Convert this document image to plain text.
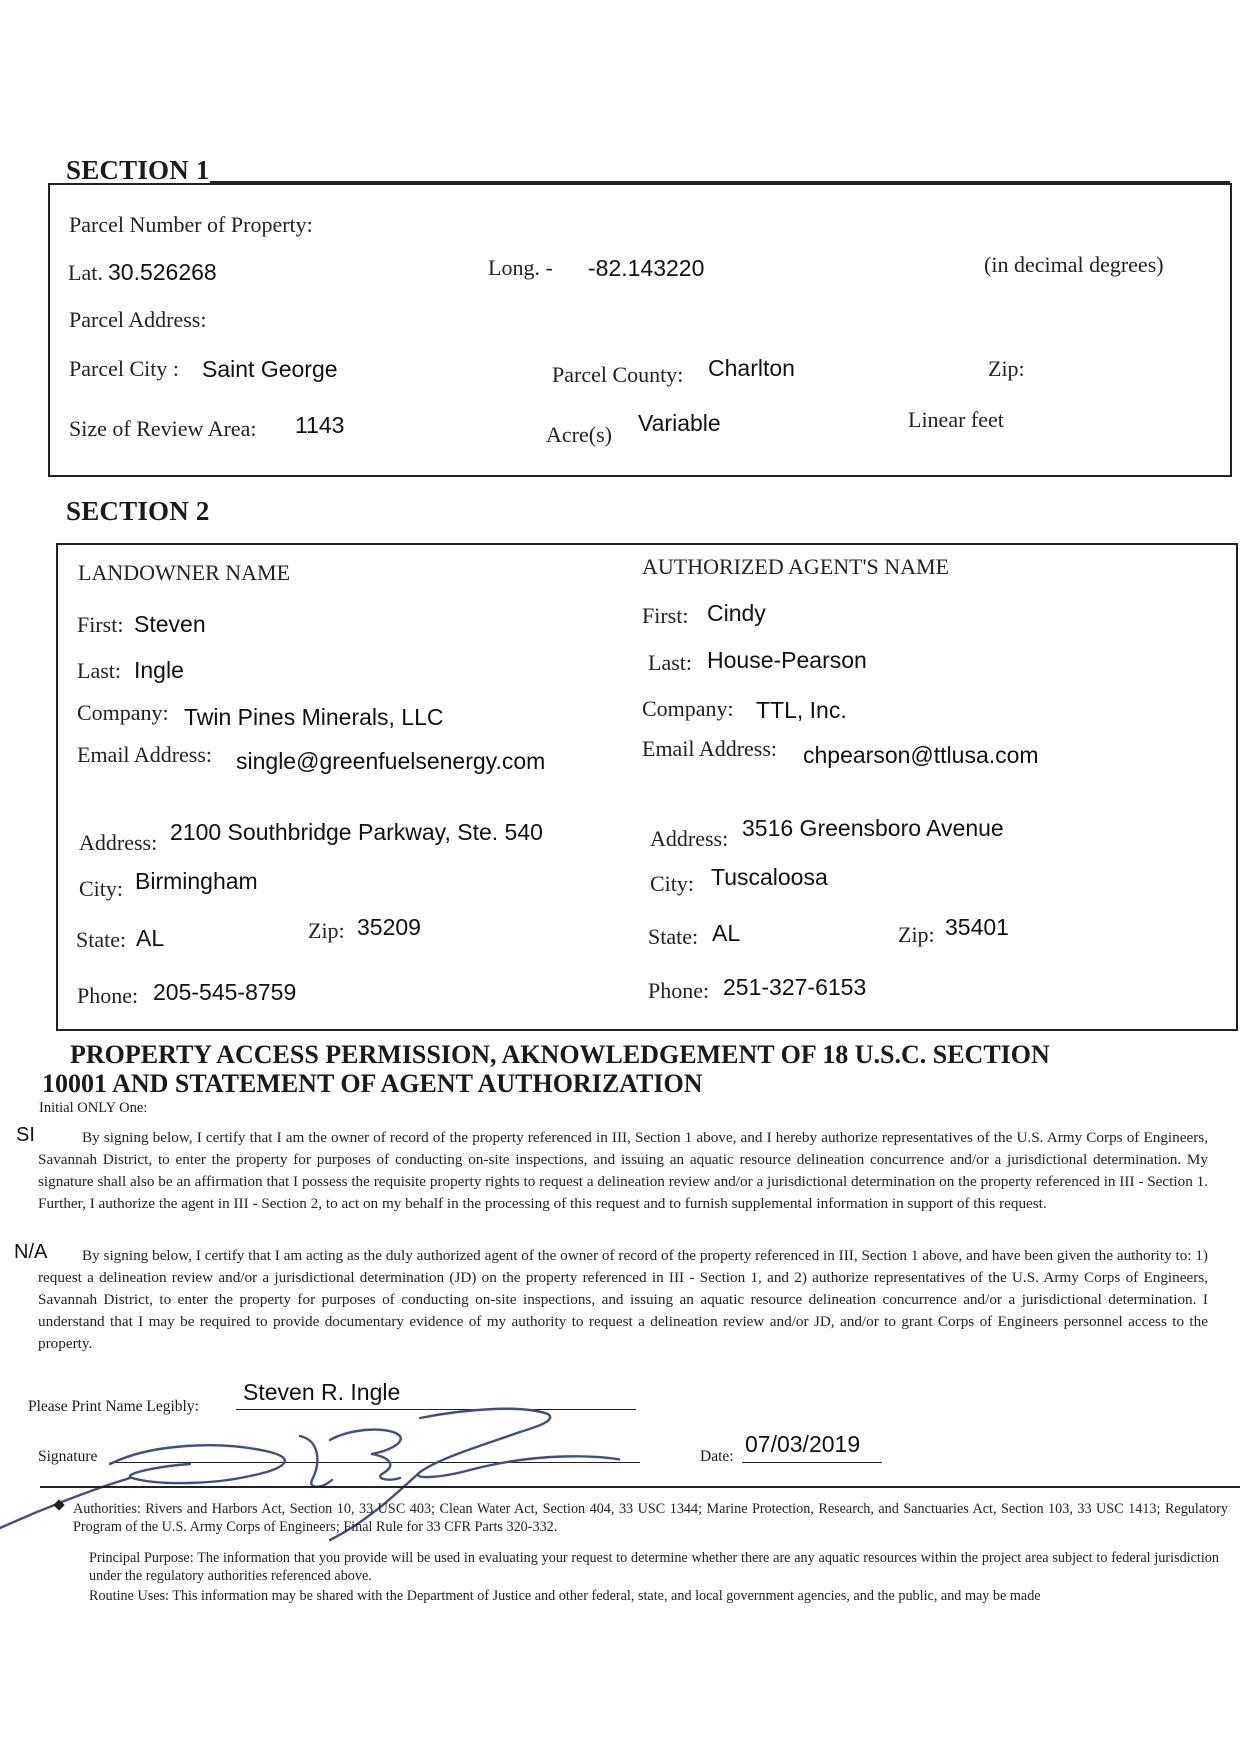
SECTION 1
Parcel Number of Property:
Lat. 30.526268	Long. - -82.143220	(in decimal degrees)
Parcel Address:
Parcel City : Saint George	Parcel County: Charlton	Zip:
Size of Review Area: 1143	Acre(s) Variable	Linear feet
SECTION 2
LANDOWNER NAME
First: Steven
Last: Ingle
Company: Twin Pines Minerals, LLC
Email Address: single@greenfuelsenergy.com
Address: 2100 Southbridge Parkway, Ste. 540
City: Birmingham
State: AL	Zip: 35209
Phone: 205-545-8759
AUTHORIZED AGENT'S NAME
First: Cindy
Last: House-Pearson
Company: TTL, Inc.
Email Address: chpearson@ttlusa.com
Address: 3516 Greensboro Avenue
City: Tuscaloosa
State: AL	Zip: 35401
Phone: 251-327-6153
PROPERTY ACCESS PERMISSION, AKNOWLEDGEMENT OF 18 U.S.C. SECTION
10001 AND STATEMENT OF AGENT AUTHORIZATION
Initial ONLY One:
SI	By signing below, I certify that I am the owner of record of the property referenced in III, Section 1 above, and I hereby authorize representatives of the U.S. Army Corps of Engineers, Savannah District, to enter the property for purposes of conducting on-site inspections, and issuing an aquatic resource delineation concurrence and/or a jurisdictional determination. My signature shall also be an affirmation that I possess the requisite property rights to request a delineation review and/or a jurisdictional determination on the property referenced in III - Section 1. Further, I authorize the agent in III - Section 2, to act on my behalf in the processing of this request and to furnish supplemental information in support of this request.
N/A	By signing below, I certify that I am acting as the duly authorized agent of the owner of record of the property referenced in III, Section 1 above, and have been given the authority to: 1) request a delineation review and/or a jurisdictional determination (JD) on the property referenced in III - Section 1, and 2) authorize representatives of the U.S. Army Corps of Engineers, Savannah District, to enter the property for purposes of conducting on-site inspections, and issuing an aquatic resource delineation concurrence and/or a jurisdictional determination. I understand that I may be required to provide documentary evidence of my authority to request a delineation review and/or JD, and/or to grant Corps of Engineers personnel access to the property.
Please Print Name Legibly:
Steven R. Ingle
Signature	Date: 07/03/2019
Authorities: Rivers and Harbors Act, Section 10, 33 USC 403; Clean Water Act, Section 404, 33 USC 1344; Marine Protection, Research, and Sanctuaries Act, Section 103, 33 USC 1413; Regulatory Program of the U.S. Army Corps of Engineers; Final Rule for 33 CFR Parts 320-332.
Principal Purpose: The information that you provide will be used in evaluating your request to determine whether there are any aquatic resources within the project area subject to federal jurisdiction under the regulatory authorities referenced above.
Routine Uses: This information may be shared with the Department of Justice and other federal, state, and local government agencies, and the public, and may be made
